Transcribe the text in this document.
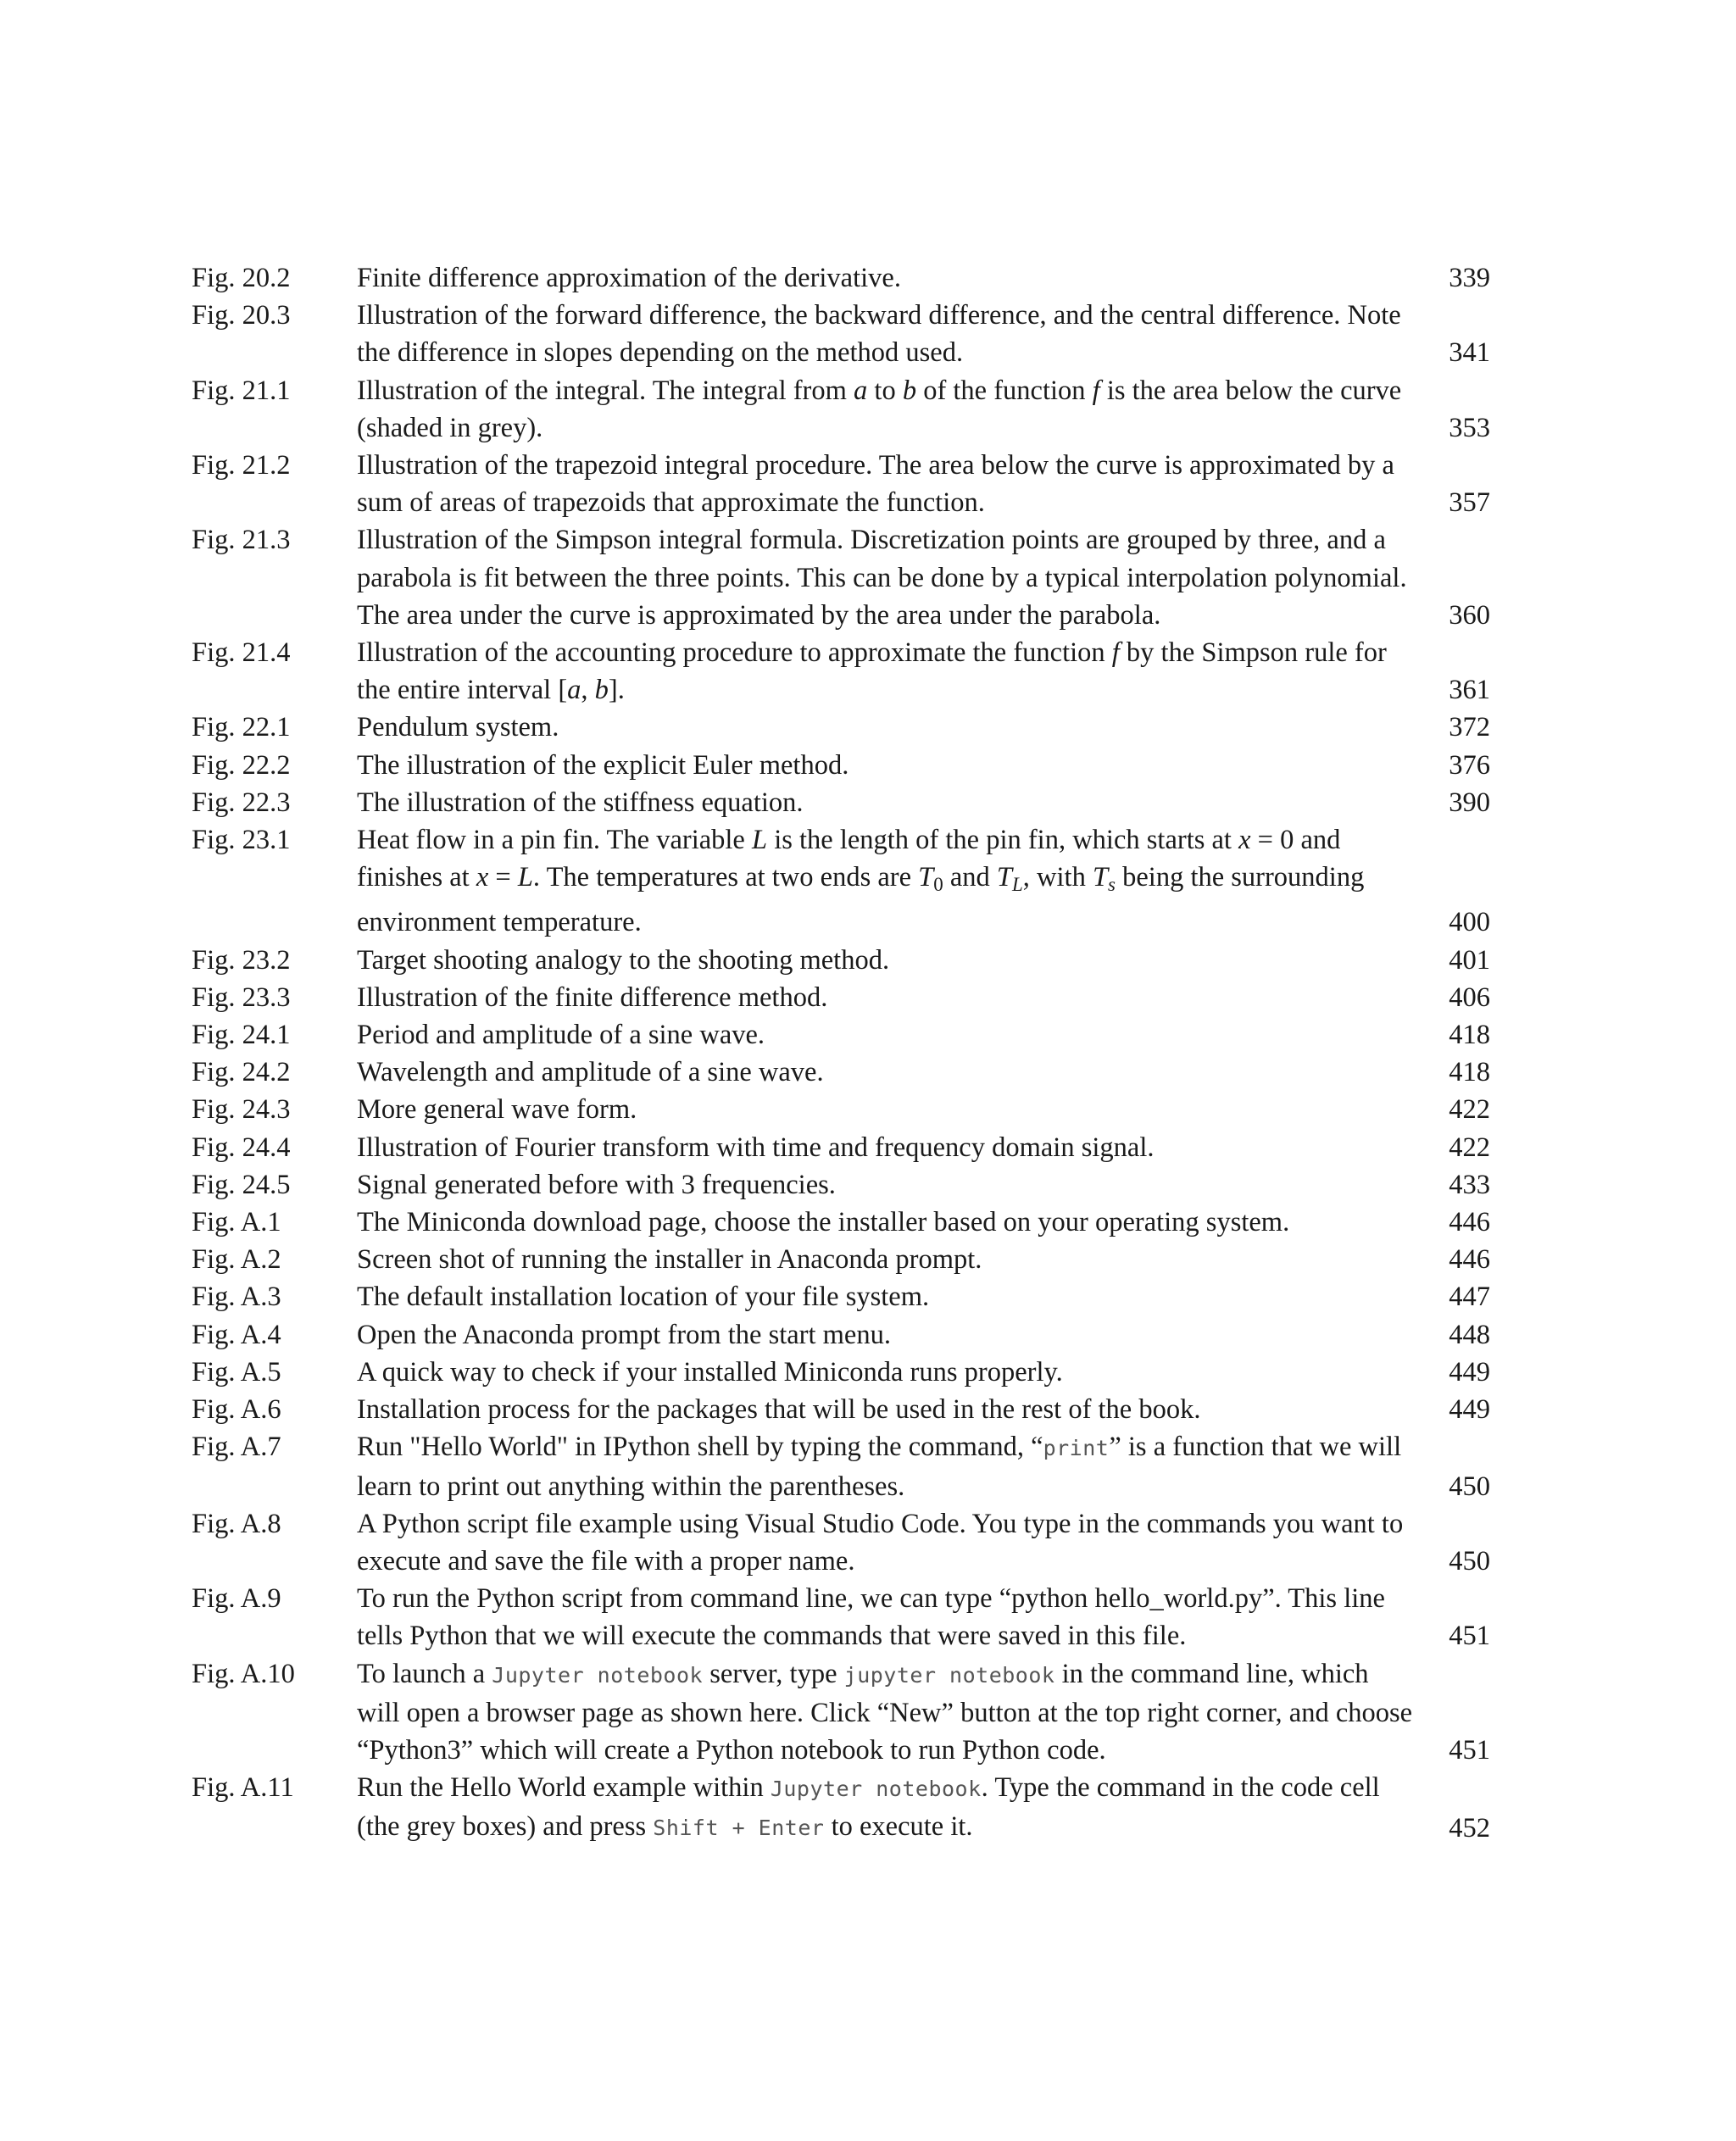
Fig. 20.2	Finite difference approximation of the derivative.	339
Fig. 20.3	Illustration of the forward difference, the backward difference, and the central difference. Note
the difference in slopes depending on the method used.	341
Fig. 21.1	Illustration of the integral. The integral from a to b of the function f is the area below the curve
(shaded in grey).	353
Fig. 21.2	Illustration of the trapezoid integral procedure. The area below the curve is approximated by a
sum of areas of trapezoids that approximate the function.	357
Fig. 21.3	Illustration of the Simpson integral formula. Discretization points are grouped by three, and a
parabola is fit between the three points. This can be done by a typical interpolation polynomial.
The area under the curve is approximated by the area under the parabola.	360
Fig. 21.4	Illustration of the accounting procedure to approximate the function f by the Simpson rule for
the entire interval [a, b].	361
Fig. 22.1	Pendulum system.	372
Fig. 22.2	The illustration of the explicit Euler method.	376
Fig. 22.3	The illustration of the stiffness equation.	390
Fig. 23.1	Heat flow in a pin fin. The variable L is the length of the pin fin, which starts at x = 0 and
finishes at x = L. The temperatures at two ends are $T_0$ and TL, with Ts being the surrounding
environment temperature.	400
Fig. 23.2	Target shooting analogy to the shooting method.	401
Fig. 23.3	Illustration of the finite difference method.	406
Fig. 24.1	Period and amplitude of a sine wave.	418
Fig. 24.2	Wavelength and amplitude of a sine wave.	418
Fig. 24.3	More general wave form.	422
Fig. 24.4	Illustration of Fourier transform with time and frequency domain signal.	422
Fig. 24.5	Signal generated before with 3 frequencies.	433
Fig. A.1	The Miniconda download page, choose the installer based on your operating system.	446
Fig. A.2	Screen shot of running the installer in Anaconda prompt.	446
Fig. A.3	The default installation location of your file system.	447
Fig. A.4	Open the Anaconda prompt from the start menu.	448
Fig. A.5	A quick way to check if your installed Miniconda runs properly.	449
Fig. A.6	Installation process for the packages that will be used in the rest of the book.	449
Fig. A.7	Run "Hello World" in IPython shell by typing the command, “print” is a function that we will
learn to print out anything within the parentheses.	450
Fig. A.8	A Python script file example using Visual Studio Code. You type in the commands you want to
execute and save the file with a proper name.	450
Fig. A.9	To run the Python script from command line, we can type “python hello_world.py”. This line
tells Python that we will execute the commands that were saved in this file.	451
Fig. A.10	To launch a Jupyter notebook server, type jupyter notebook in the command line, which
will open a browser page as shown here. Click “New” button at the top right corner, and choose
“Python3” which will create a Python notebook to run Python code.	451
Fig. A.11	Run the Hello World example within Jupyter notebook. Type the command in the code cell
(the grey boxes) and press Shift + Enter to execute it.	452
